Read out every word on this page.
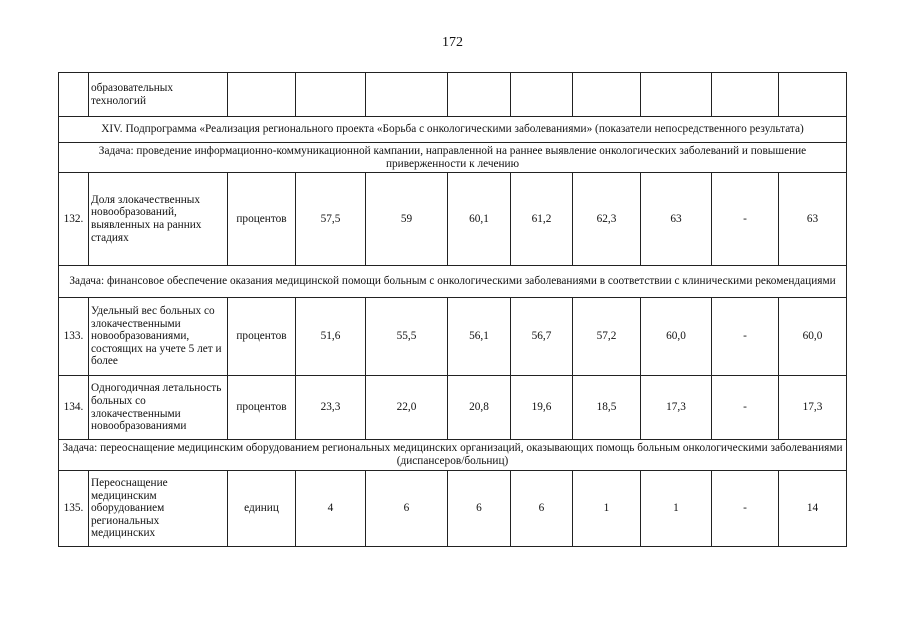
172
	образовательных технологий									
XIV. Подпрограмма «Реализация регионального проекта «Борьба с онкологическими заболеваниями» (показатели непосредственного результата)										
Задача: проведение информационно-коммуникационной кампании, направленной на раннее выявление онкологических заболеваний и повышение приверженности к лечению										
132.	Доля злокачественных новообразований, выявленных на ранних стадиях	процентов	57,5	59	60,1	61,2	62,3	63	-	63
Задача: финансовое обеспечение оказания медицинской помощи больным с онкологическими заболеваниями в соответствии с клиническими рекомендациями										
133.	Удельный вес больных со злокачественными новообразованиями, состоящих на учете 5 лет и более	процентов	51,6	55,5	56,1	56,7	57,2	60,0	-	60,0
134.	Одногодичная летальность больных со злокачественными новообразованиями	процентов	23,3	22,0	20,8	19,6	18,5	17,3	-	17,3
Задача: переоснащение медицинским оборудованием региональных медицинских организаций, оказывающих помощь больным онкологическими заболеваниями (диспансеров/больниц)										
135.	Переоснащение медицинским оборудованием региональных медицинских	единиц	4	6	6	6	1	1	-	14
